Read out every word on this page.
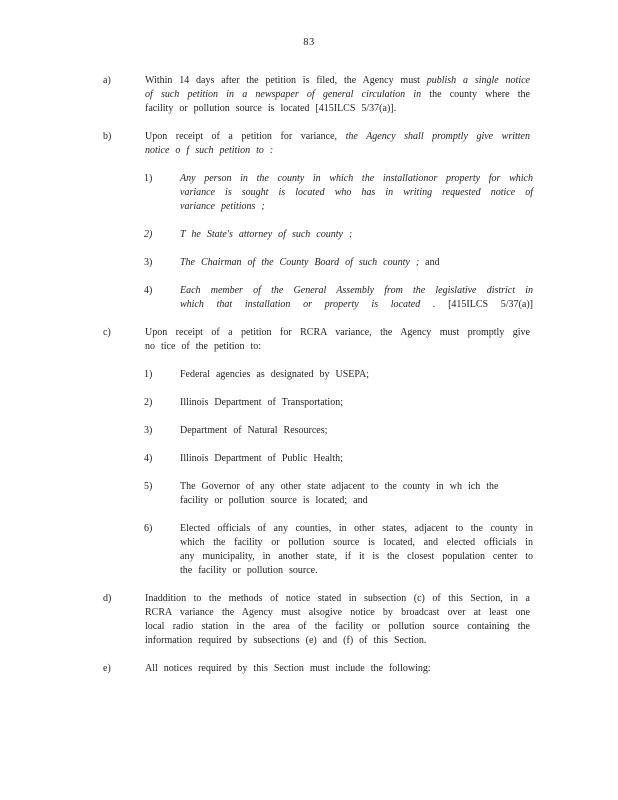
83
a)	Within 14 days after the petition is filed, the Agency must publish a single notice
of such petition in a newspaper of general circulation in the county where the
facility or pollution source is located [415ILCS 5/37(a)].
b)	Upon receipt of a petition for variance, the Agency shall promptly give written
notice o f such petition to :
1)	Any person in the county in which the installationor property for which
variance is sought is located who has in writing requested notice of
variance petitions ;
2)	T he State's attorney of such county ;
3)	The Chairman of the County Board of such county ; and
4)	Each member of the General Assembly from the legislative district in
which that installation or property is located . [415ILCS 5/37(a)]
c)	Upon receipt of a petition for RCRA variance, the Agency must promptly give
no tice of the petition to:
1)	Federal agencies as designated by USEPA;
2)	Illinois Department of Transportation;
3)	Department of Natural Resources;
4)	Illinois Department of Public Health;
5)	The Governor of any other state adjacent to the county in wh ich the
facility or pollution source is located; and
6)	Elected officials of any counties, in other states, adjacent to the county in
which the facility or pollution source is located, and elected officials in
any municipality, in another state, if it is the closest population center to
the facility or pollution source.
d)	Inaddition to the methods of notice stated in subsection (c) of this Section, in a
RCRA variance the Agency must alsogive notice by broadcast over at least one
local radio station in the area of the facility or pollution source containing the
information required by subsections (e) and (f) of this Section.
e)	All notices required by this Section must include the following:
